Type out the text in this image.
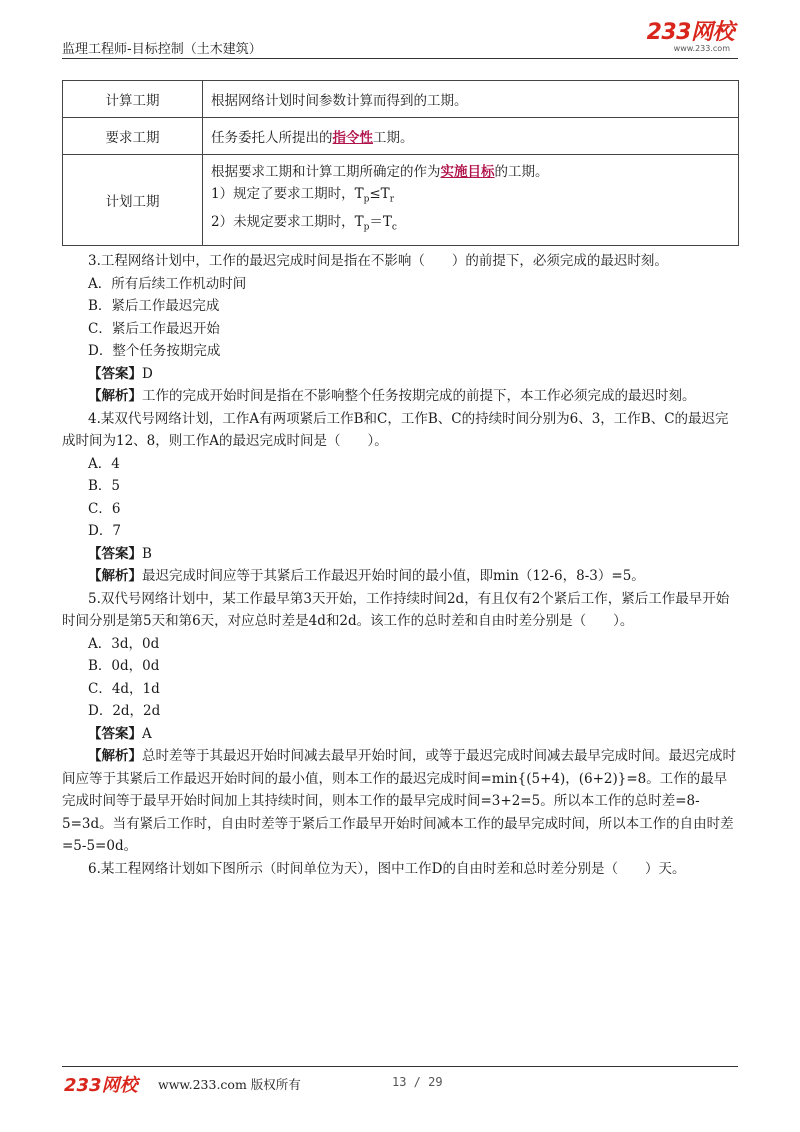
监理工程师-目标控制（土木建筑）
233网校
www.233.com
计算工期	根据网络计划时间参数计算而得到的工期。
要求工期	任务委托人所提出的指令性工期。
计划工期	根据要求工期和计算工期所确定的作为实施目标的工期。
1）规定了要求工期时，$T_p\le T_r$
2）未规定要求工期时，$T_p=T_c$

3.工程网络计划中，工作的最迟完成时间是指在不影响（　　）的前提下，必须完成的最迟时刻。

A．所有后续工作机动时间

B．紧后工作最迟完成

C．紧后工作最迟开始

D．整个任务按期完成

【答案】D

【解析】工作的完成开始时间是指在不影响整个任务按期完成的前提下，本工作必须完成的最迟时刻。

4.某双代号网络计划，工作A有两项紧后工作B和C，工作B、C的持续时间分别为6、3，工作B、C的最迟完成时间为12、8，则工作A的最迟完成时间是（　　）。

A．4

B．5

C．6

D．7

【答案】B

【解析】最迟完成时间应等于其紧后工作最迟开始时间的最小值，即min（12-6，8-3）=5。

5.双代号网络计划中，某工作最早第3天开始，工作持续时间2d，有且仅有2个紧后工作，紧后工作最早开始时间分别是第5天和第6天，对应总时差是4d和2d。该工作的总时差和自由时差分别是（　　）。

A．3d，0d

B．0d，0d

C．4d，1d

D．2d，2d

【答案】A

【解析】总时差等于其最迟开始时间减去最早开始时间，或等于最迟完成时间减去最早完成时间。最迟完成时间应等于其紧后工作最迟开始时间的最小值，则本工作的最迟完成时间=min{(5+4)，(6+2)}=8。工作的最早完成时间等于最早开始时间加上其持续时间，则本工作的最早完成时间=3+2=5。所以本工作的总时差=8-5=3d。当有紧后工作时，自由时差等于紧后工作最早开始时间减本工作的最早完成时间，所以本工作的自由时差=5-5=0d。

6.某工程网络计划如下图所示（时间单位为天），图中工作D的自由时差和总时差分别是（　　）天。

233网校 www.233.com 版权所有	13 / 29
